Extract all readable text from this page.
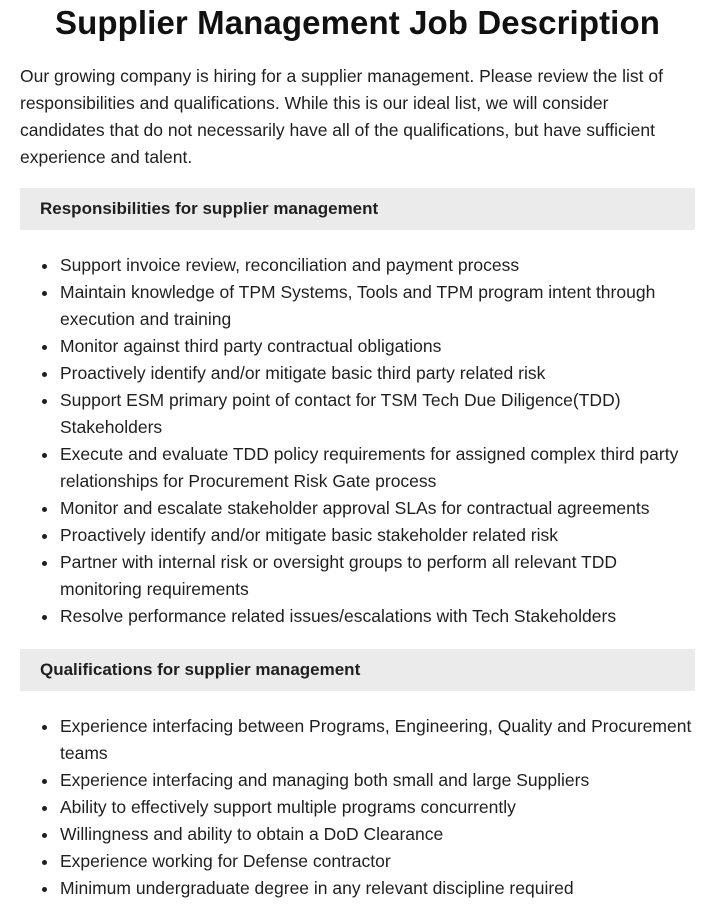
Supplier Management Job Description

Our growing company is hiring for a supplier management. Please review the list of responsibilities and qualifications. While this is our ideal list, we will consider candidates that do not necessarily have all of the qualifications, but have sufficient experience and talent.

Responsibilities for supplier management
Support invoice review, reconciliation and payment process
Maintain knowledge of TPM Systems, Tools and TPM program intent through execution and training
Monitor against third party contractual obligations
Proactively identify and/or mitigate basic third party related risk
Support ESM primary point of contact for TSM Tech Due Diligence(TDD) Stakeholders
Execute and evaluate TDD policy requirements for assigned complex third party relationships for Procurement Risk Gate process
Monitor and escalate stakeholder approval SLAs for contractual agreements
Proactively identify and/or mitigate basic stakeholder related risk
Partner with internal risk or oversight groups to perform all relevant TDD monitoring requirements
Resolve performance related issues/escalations with Tech Stakeholders
Qualifications for supplier management
Experience interfacing between Programs, Engineering, Quality and Procurement teams
Experience interfacing and managing both small and large Suppliers
Ability to effectively support multiple programs concurrently
Willingness and ability to obtain a DoD Clearance
Experience working for Defense contractor
Minimum undergraduate degree in any relevant discipline required
